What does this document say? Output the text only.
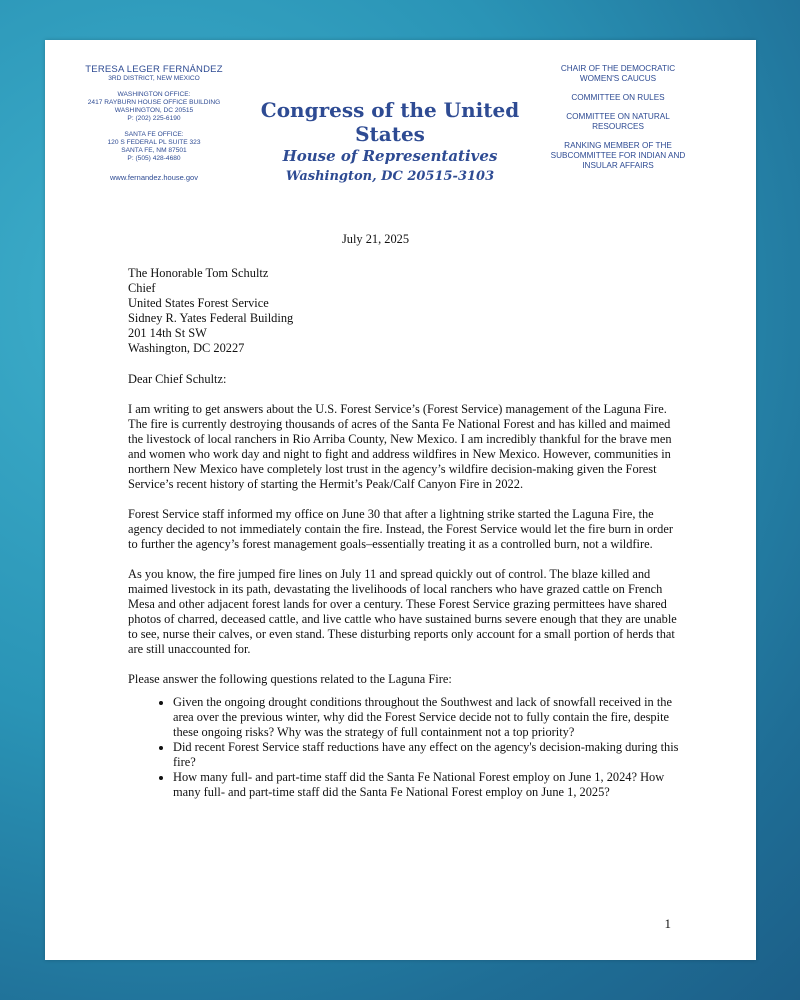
TERESA LEGER FERNÁNDEZ
3RD DISTRICT, NEW MEXICO
WASHINGTON OFFICE:
2417 RAYBURN HOUSE OFFICE BUILDING
WASHINGTON, DC 20515
P: (202) 225-6190
SANTA FE OFFICE:
120 S FEDERAL PL SUITE 323
SANTA FE, NM 87501
P: (505) 428-4680
www.fernandez.house.gov
Congress of the United States
House of Representatives
Washington, DC 20515-3103
CHAIR OF THE DEMOCRATIC WOMEN'S CAUCUS
COMMITTEE ON RULES
COMMITTEE ON NATURAL RESOURCES
RANKING MEMBER OF THE SUBCOMMITTEE FOR INDIAN AND INSULAR AFFAIRS
July 21, 2025
The Honorable Tom Schultz
Chief
United States Forest Service
Sidney R. Yates Federal Building
201 14th St SW
Washington, DC 20227

Dear Chief Schultz:

I am writing to get answers about the U.S. Forest Service’s (Forest Service) management of the Laguna Fire. The fire is currently destroying thousands of acres of the Santa Fe National Forest and has killed and maimed the livestock of local ranchers in Rio Arriba County, New Mexico. I am incredibly thankful for the brave men and women who work day and night to fight and address wildfires in New Mexico. However, communities in northern New Mexico have completely lost trust in the agency’s wildfire decision-making given the Forest Service’s recent history of starting the Hermit’s Peak/Calf Canyon Fire in 2022.

Forest Service staff informed my office on June 30 that after a lightning strike started the Laguna Fire, the agency decided to not immediately contain the fire. Instead, the Forest Service would let the fire burn in order to further the agency’s forest management goals–essentially treating it as a controlled burn, not a wildfire.

As you know, the fire jumped fire lines on July 11 and spread quickly out of control. The blaze killed and maimed livestock in its path, devastating the livelihoods of local ranchers who have grazed cattle on French Mesa and other adjacent forest lands for over a century. These Forest Service grazing permittees have shared photos of charred, deceased cattle, and live cattle who have sustained burns severe enough that they are unable to see, nurse their calves, or even stand. These disturbing reports only account for a small portion of herds that are still unaccounted for.

Please answer the following questions related to the Laguna Fire:

• Given the ongoing drought conditions throughout the Southwest and lack of snowfall received in the area over the previous winter, why did the Forest Service decide not to fully contain the fire, despite these ongoing risks? Why was the strategy of full containment not a top priority?
• Did recent Forest Service staff reductions have any effect on the agency's decision-making during this fire?
• How many full- and part-time staff did the Santa Fe National Forest employ on June 1, 2024? How many full- and part-time staff did the Santa Fe National Forest employ on June 1, 2025?
1
